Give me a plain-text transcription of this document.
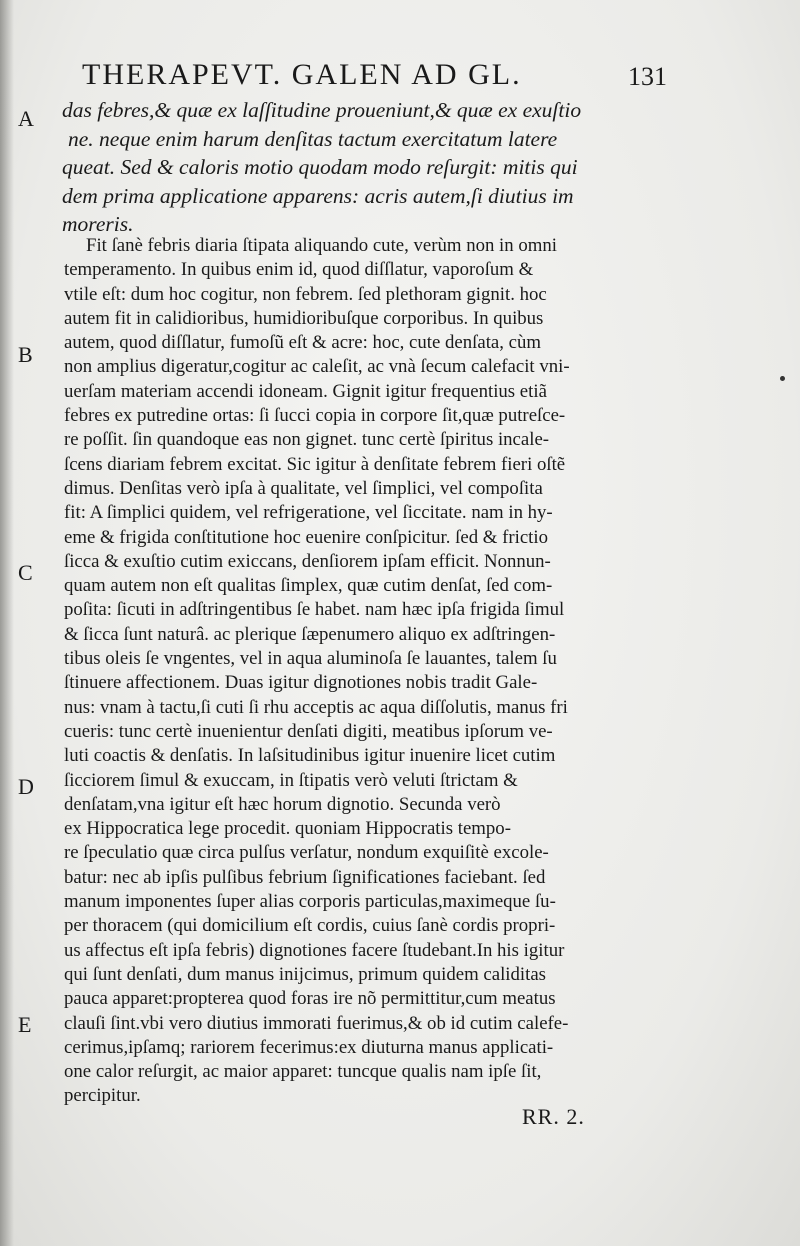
THERAPEVT. GALEN AD GL.	131
A
B
C
D
E
das febres,& quæ ex laſſitudine proueniunt,& quæ ex exuſtio
ne. neque enim harum denſitas tactum exercitatum latere
queat. Sed & caloris motio quodam modo reſurgit: mitis qui
dem prima applicatione apparens: acris autem,ſi diutius im
moreris.
Fit ſanè febris diaria ſtipata aliquando cute, verùm non in omni
temperamento. In quibus enim id, quod diſſlatur, vaporoſum &
vtile eſt: dum hoc cogitur, non febrem. ſed plethoram gignit. hoc
autem fit in calidioribus, humidioribuſque corporibus. In quibus
autem, quod diſſlatur, fumoſũ eſt & acre: hoc, cute denſata, cùm
non amplius digeratur,cogitur ac caleſit, ac vnà ſecum calefacit vni-
uerſam materiam accendi idoneam. Gignit igitur frequentius etiã
febres ex putredine ortas: ſi ſucci copia in corpore ſit,quæ putreſce-
re poſſit. ſin quandoque eas non gignet. tunc certè ſpiritus incale-
ſcens diariam febrem excitat. Sic igitur à denſitate febrem fieri oſtẽ
dimus. Denſitas verò ipſa à qualitate, vel ſimplici, vel compoſita
fit: A ſimplici quidem, vel refrigeratione, vel ſiccitate. nam in hy-
eme & frigida conſtitutione hoc euenire conſpicitur. ſed & frictio
ſicca & exuſtio cutim exiccans, denſiorem ipſam efficit. Nonnun-
quam autem non eſt qualitas ſimplex, quæ cutim denſat, ſed com-
poſita: ſicuti in adſtringentibus ſe habet. nam hæc ipſa frigida ſimul
& ſicca ſunt naturâ. ac plerique ſæpenumero aliquo ex adſtringen-
tibus oleis ſe vngentes, vel in aqua aluminoſa ſe lauantes, talem ſu
ſtinuere affectionem. Duas igitur dignotiones nobis tradit Gale-
nus: vnam à tactu,ſi cuti ſi rhu acceptis ac aqua diſſolutis, manus fri
cueris: tunc certè inuenientur denſati digiti, meatibus ipſorum ve-
luti coactis & denſatis. In laſsitudinibus igitur inuenire licet cutim
ſicciorem ſimul & exuccam, in ſtipatis verò veluti ſtrictam &
denſatam,vna igitur eſt hæc horum dignotio. Secunda verò
ex Hippocratica lege procedit. quoniam Hippocratis tempo-
re ſpeculatio quæ circa pulſus verſatur, nondum exquiſitè excole-
batur: nec ab ipſis pulſibus febrium ſignificationes faciebant. ſed
manum imponentes ſuper alias corporis particulas,maximeque ſu-
per thoracem (qui domicilium eſt cordis, cuius ſanè cordis propri-
us affectus eſt ipſa febris) dignotiones facere ſtudebant.In his igitur
qui ſunt denſati, dum manus inijcimus, primum quidem caliditas
pauca apparet:propterea quod foras ire nõ permittitur,cum meatus
clauſi ſint.vbi vero diutius immorati fuerimus,& ob id cutim calefe-
cerimus,ipſamq; rariorem fecerimus:ex diuturna manus applicati-
one calor reſurgit, ac maior apparet: tuncque qualis nam ipſe ſit,
percipitur.
RR. 2.
